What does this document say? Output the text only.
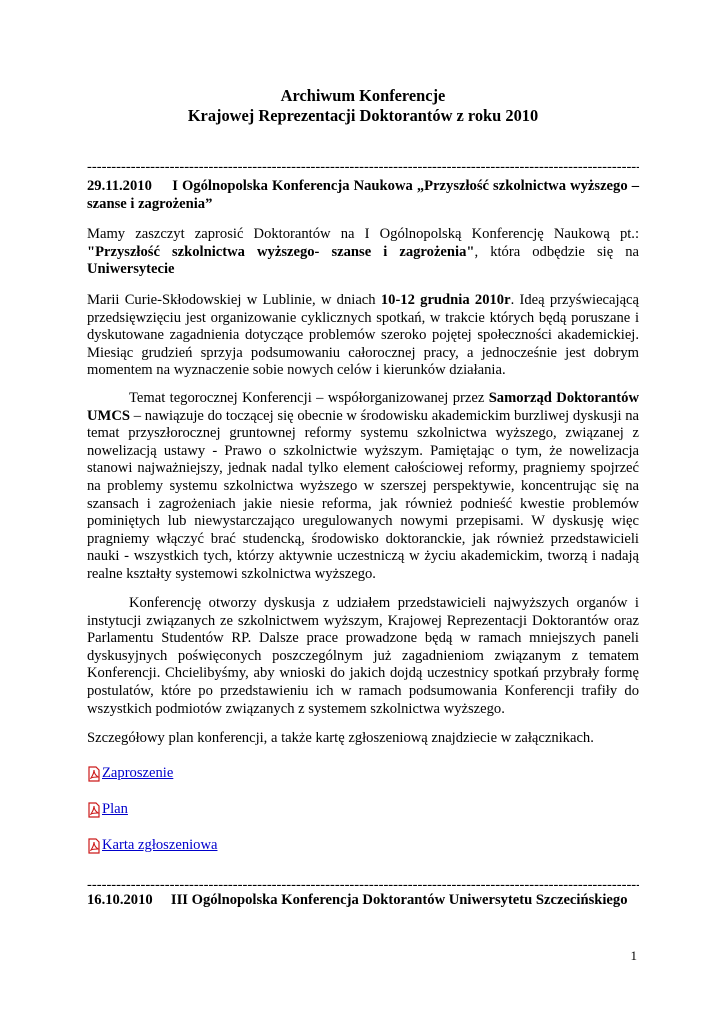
Archiwum Konferencje
Krajowej Reprezentacji Doktorantów z roku 2010
-----
29.11.2010 I Ogólnopolska Konferencja Naukowa „Przyszłość szkolnictwa wyższego – szanse i zagrożenia”
Mamy zaszczyt zaprosić Doktorantów na I Ogólnopolską Konferencję Naukową pt.: "Przyszłość szkolnictwa wyższego- szanse i zagrożenia", która odbędzie się na Uniwersytecie
Marii Curie-Skłodowskiej w Lublinie, w dniach 10-12 grudnia 2010r. Ideą przyświecającą przedsięwzięciu jest organizowanie cyklicznych spotkań, w trakcie których będą poruszane i dyskutowane zagadnienia dotyczące problemów szeroko pojętej społeczności akademickiej. Miesiąc grudzień sprzyja podsumowaniu całorocznej pracy, a jednocześnie jest dobrym momentem na wyznaczenie sobie nowych celów i kierunków działania.
Temat tegorocznej Konferencji – współorganizowanej przez Samorząd Doktorantów UMCS – nawiązuje do toczącej się obecnie w środowisku akademickim burzliwej dyskusji na temat przyszłorocznej gruntownej reformy systemu szkolnictwa wyższego, związanej z nowelizacją ustawy - Prawo o szkolnictwie wyższym. Pamiętając o tym, że nowelizacja stanowi najważniejszy, jednak nadal tylko element całościowej reformy, pragniemy spojrzeć na problemy systemu szkolnictwa wyższego w szerszej perspektywie, koncentrując się na szansach i zagrożeniach jakie niesie reforma, jak również podnieść kwestie problemów pominiętych lub niewystarczająco uregulowanych nowymi przepisami. W dyskusję więc pragniemy włączyć brać studencką, środowisko doktoranckie, jak również przedstawicieli nauki - wszystkich tych, którzy aktywnie uczestniczą w życiu akademickim, tworzą i nadają realne kształty systemowi szkolnictwa wyższego.
Konferencję otworzy dyskusja z udziałem przedstawicieli najwyższych organów i instytucji związanych ze szkolnictwem wyższym, Krajowej Reprezentacji Doktorantów oraz Parlamentu Studentów RP. Dalsze prace prowadzone będą w ramach mniejszych paneli dyskusyjnych poświęconych poszczególnym już zagadnieniom związanym z tematem Konferencji. Chcielibyśmy, aby wnioski do jakich dojdą uczestnicy spotkań przybrały formę postulatów, które po przedstawieniu ich w ramach podsumowania Konferencji trafiły do wszystkich podmiotów związanych z systemem szkolnictwa wyższego.
Szczegółowy plan konferencji, a także kartę zgłoszeniową znajdziecie w załącznikach.
Zaproszenie
Plan
Karta zgłoszeniowa
-----
16.10.2010 III Ogólnopolska Konferencja Doktorantów Uniwersytetu Szczecińskiego
1
